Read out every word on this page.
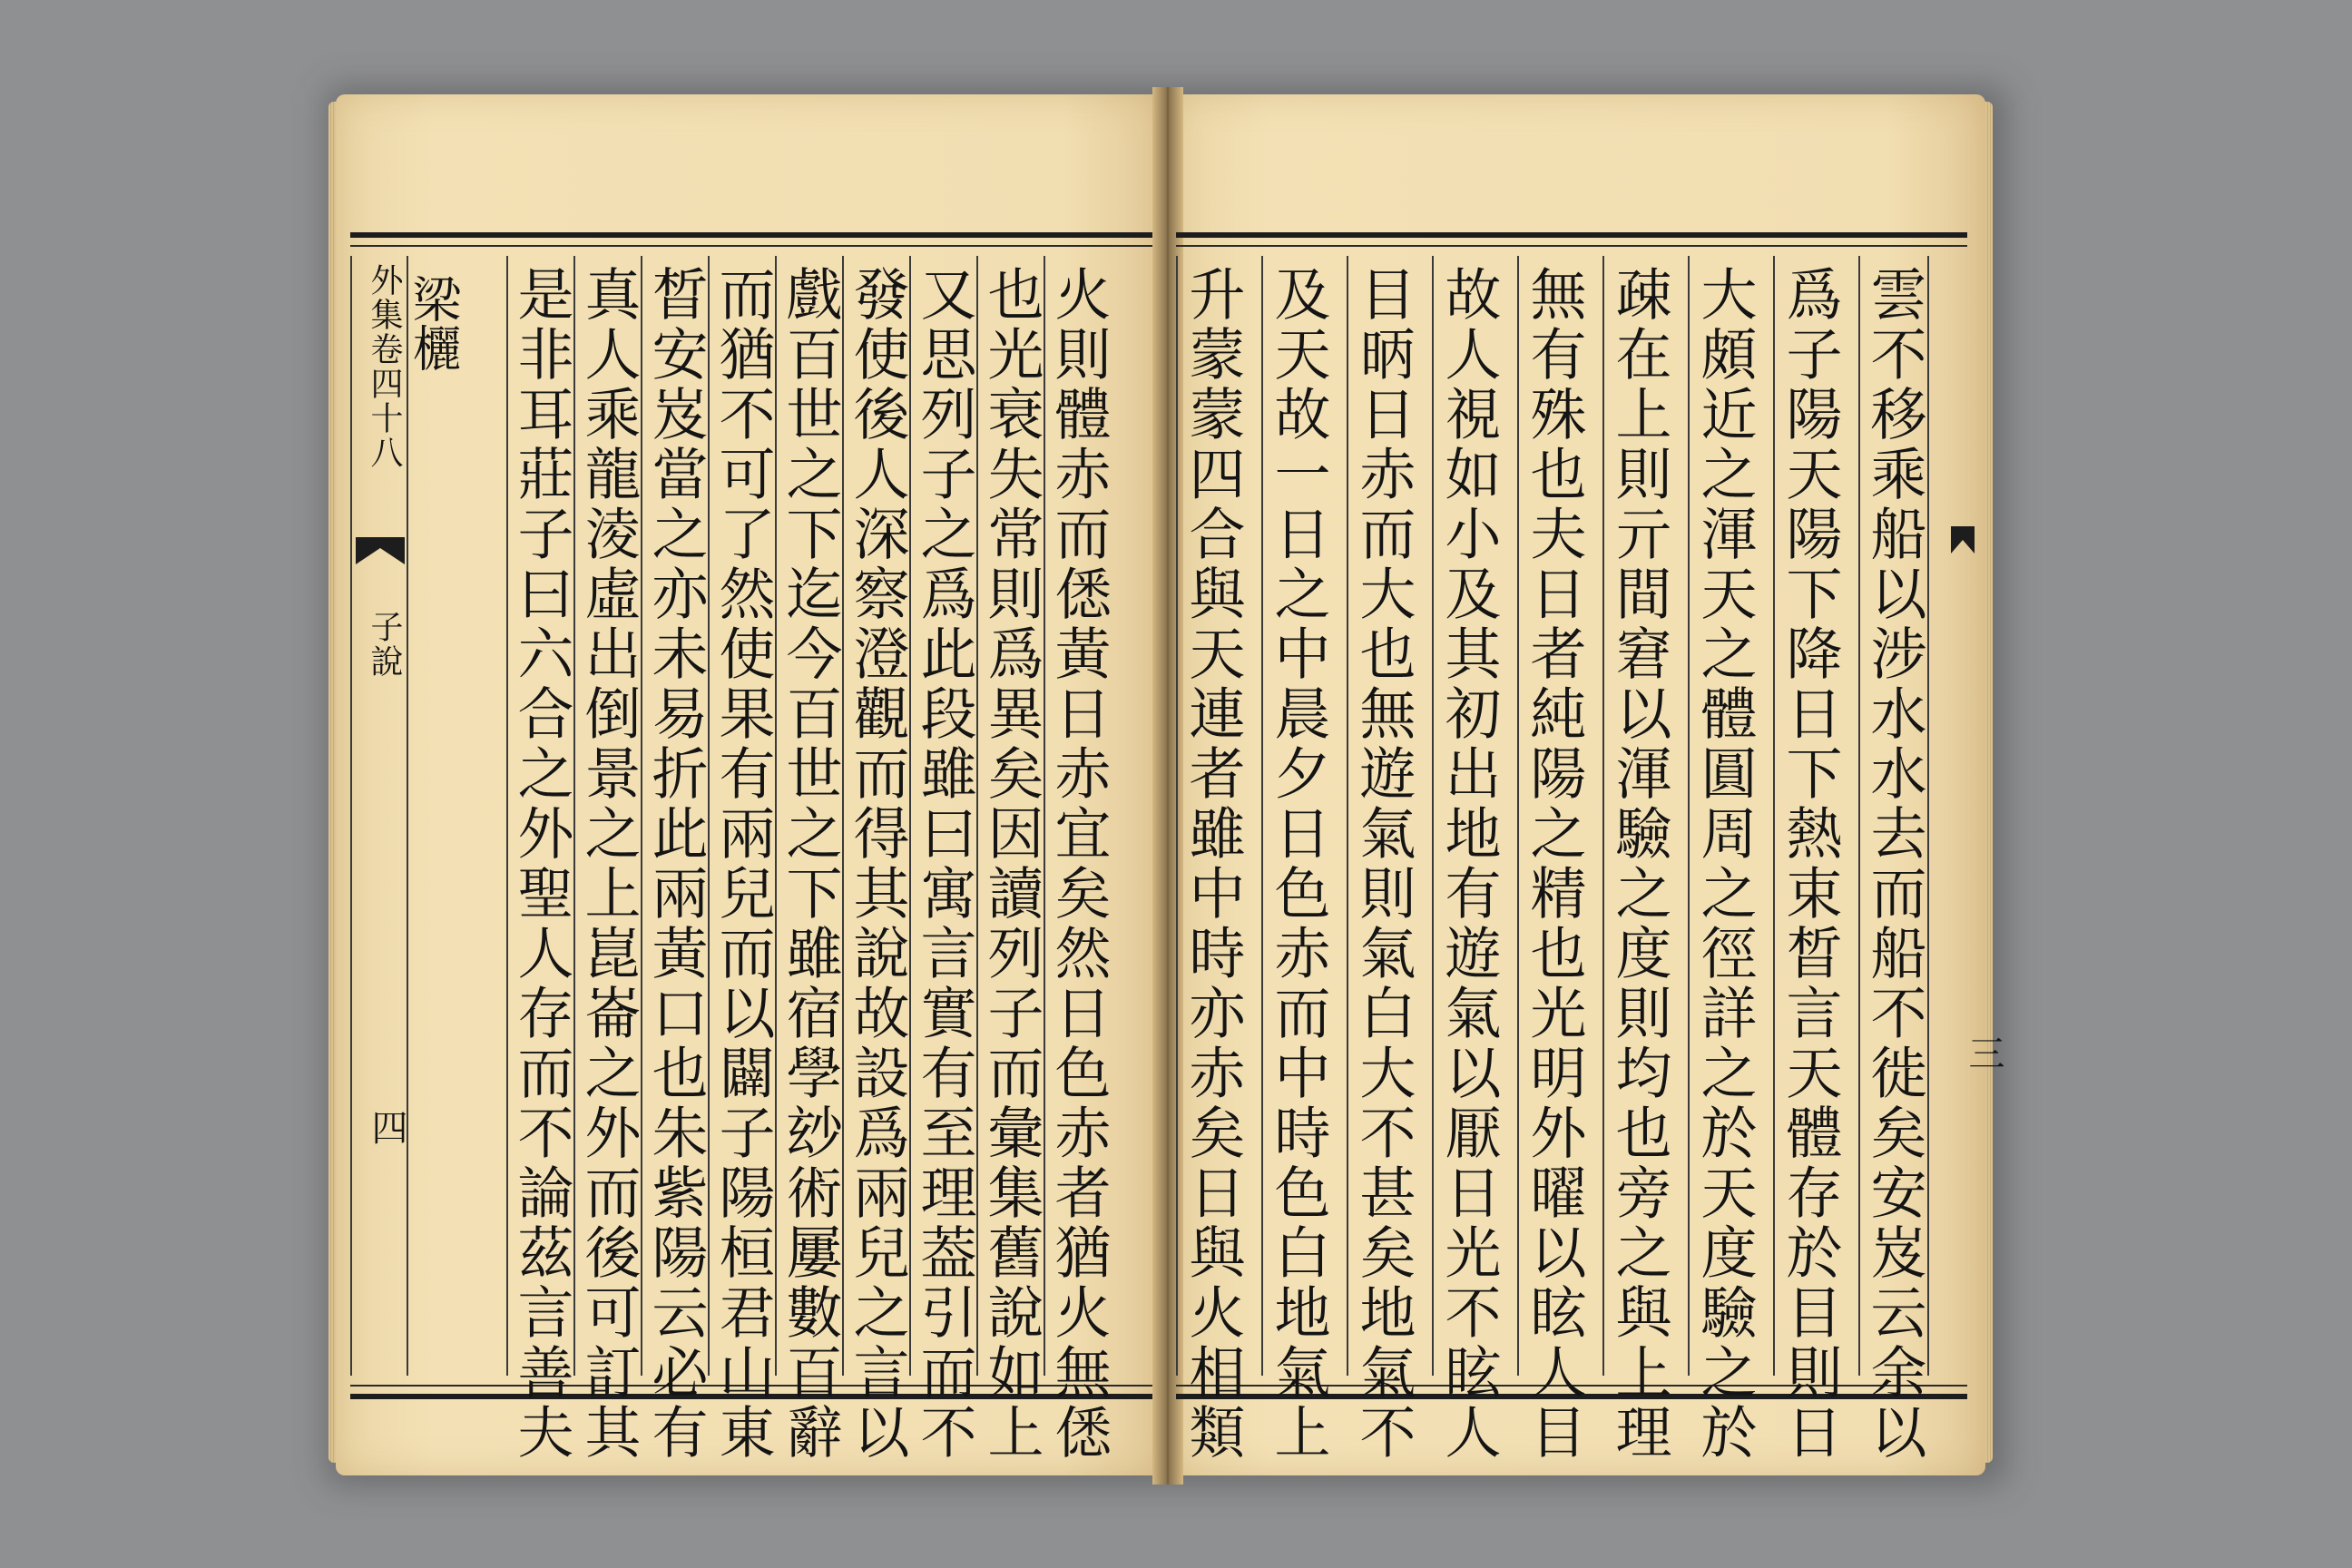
火則體赤而僁黃日赤宜矣然日色赤者猶火無僁
也光衰失常則爲異矣因讀列子而彙集舊說如上
又思列子之爲此段雖曰寓言實有至理葢引而不
發使後人深察澄觀而得其說故設爲兩兒之言以
戲百世之下迄今百世之下雖宿學玅術屢數百辭
而猶不可了然使果有兩兒而以闢子陽桓君山東
晳安岌當之亦未易折此兩黃口也朱紫陽云必有
真人乘龍淩虛出倒景之上崑崙之外而後可訂其
是非耳莊子曰六合之外聖人存而不論茲言善夫
梁欐
外集卷四十八
子說
四	升蒙蒙四合與天連者雖中時亦赤矣日與火相類 及天故一日之中晨夕日色赤而中時色白地氣上 目昞日赤而大也無遊氣則氣白大不甚矣地氣不 故人視如小及其初出地有遊氣以厭日光不眩人 無有殊也夫日者純陽之精也光明外曜以眩人目 疎在上則亓間窘以渾驗之度則均也旁之與上理 大頗近之渾天之體圓周之徑詳之於天度驗之於 爲子陽天陽下降日下熱束晳言天體存於目則日 雲不移乘船以涉水水去而船不徙矣安岌云余以 三
